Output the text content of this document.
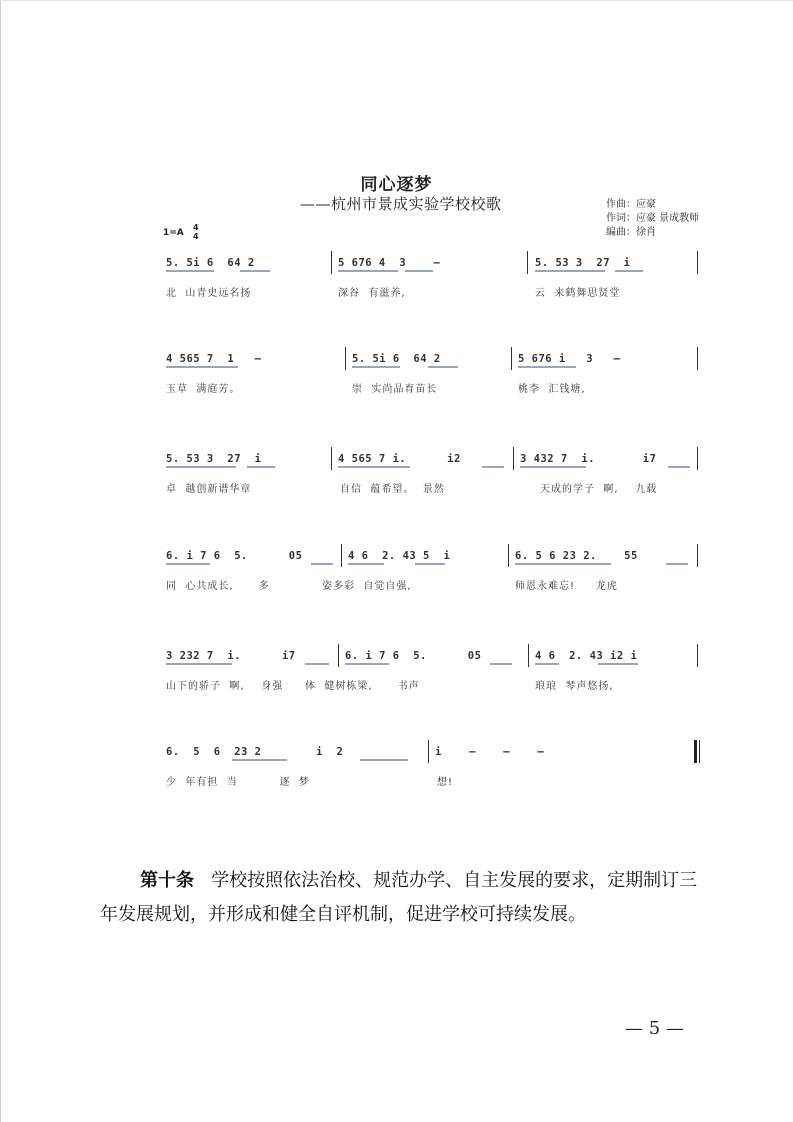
同心逐梦
——杭州市景成实验学校校歌	作曲：应豪
作词：应豪 景成教师
编曲：徐肖
1=A
4
4
5. 5i 6  64 2	5 676 4  3    –	5. 53 3  27  i
北  山青史远名扬	深谷  有滋养,	云  来鹤舞思贤堂
4 565 7  1   –	5. 5i 6  64 2	5 676 i   3   –
玉草  满庭芳。	崇  实尚品育苗长	桃李  汇钱塘,
5. 53 3  27  i	4 565 7 i.      i2	3 432 7  i.       i7
卓  越创新谱华章	自信  蕴希望。  景然	天成的学子  啊,    九载
6. i 7 6  5.      05	4 6  2. 43 5  i	6. 5 6 23 2.    55
同  心共成长,      多	姿多彩  自觉自强,	师恩永难忘!     龙虎
3 232 7  i.      i7	6. i 7 6  5.      05	4 6  2. 43 i2 i
山下的骄子  啊,    身强 体  健树栋梁,      书声	琅琅  琴声悠扬,
6.  5  6  23 2        i  2	i    –    –    –
少  年有担  当          逐  梦	想!
第十条 学校按照依法治校、规范办学、自主发展的要求，定期制订三年发展规划，并形成和健全自评机制，促进学校可持续发展。
— 5 —
